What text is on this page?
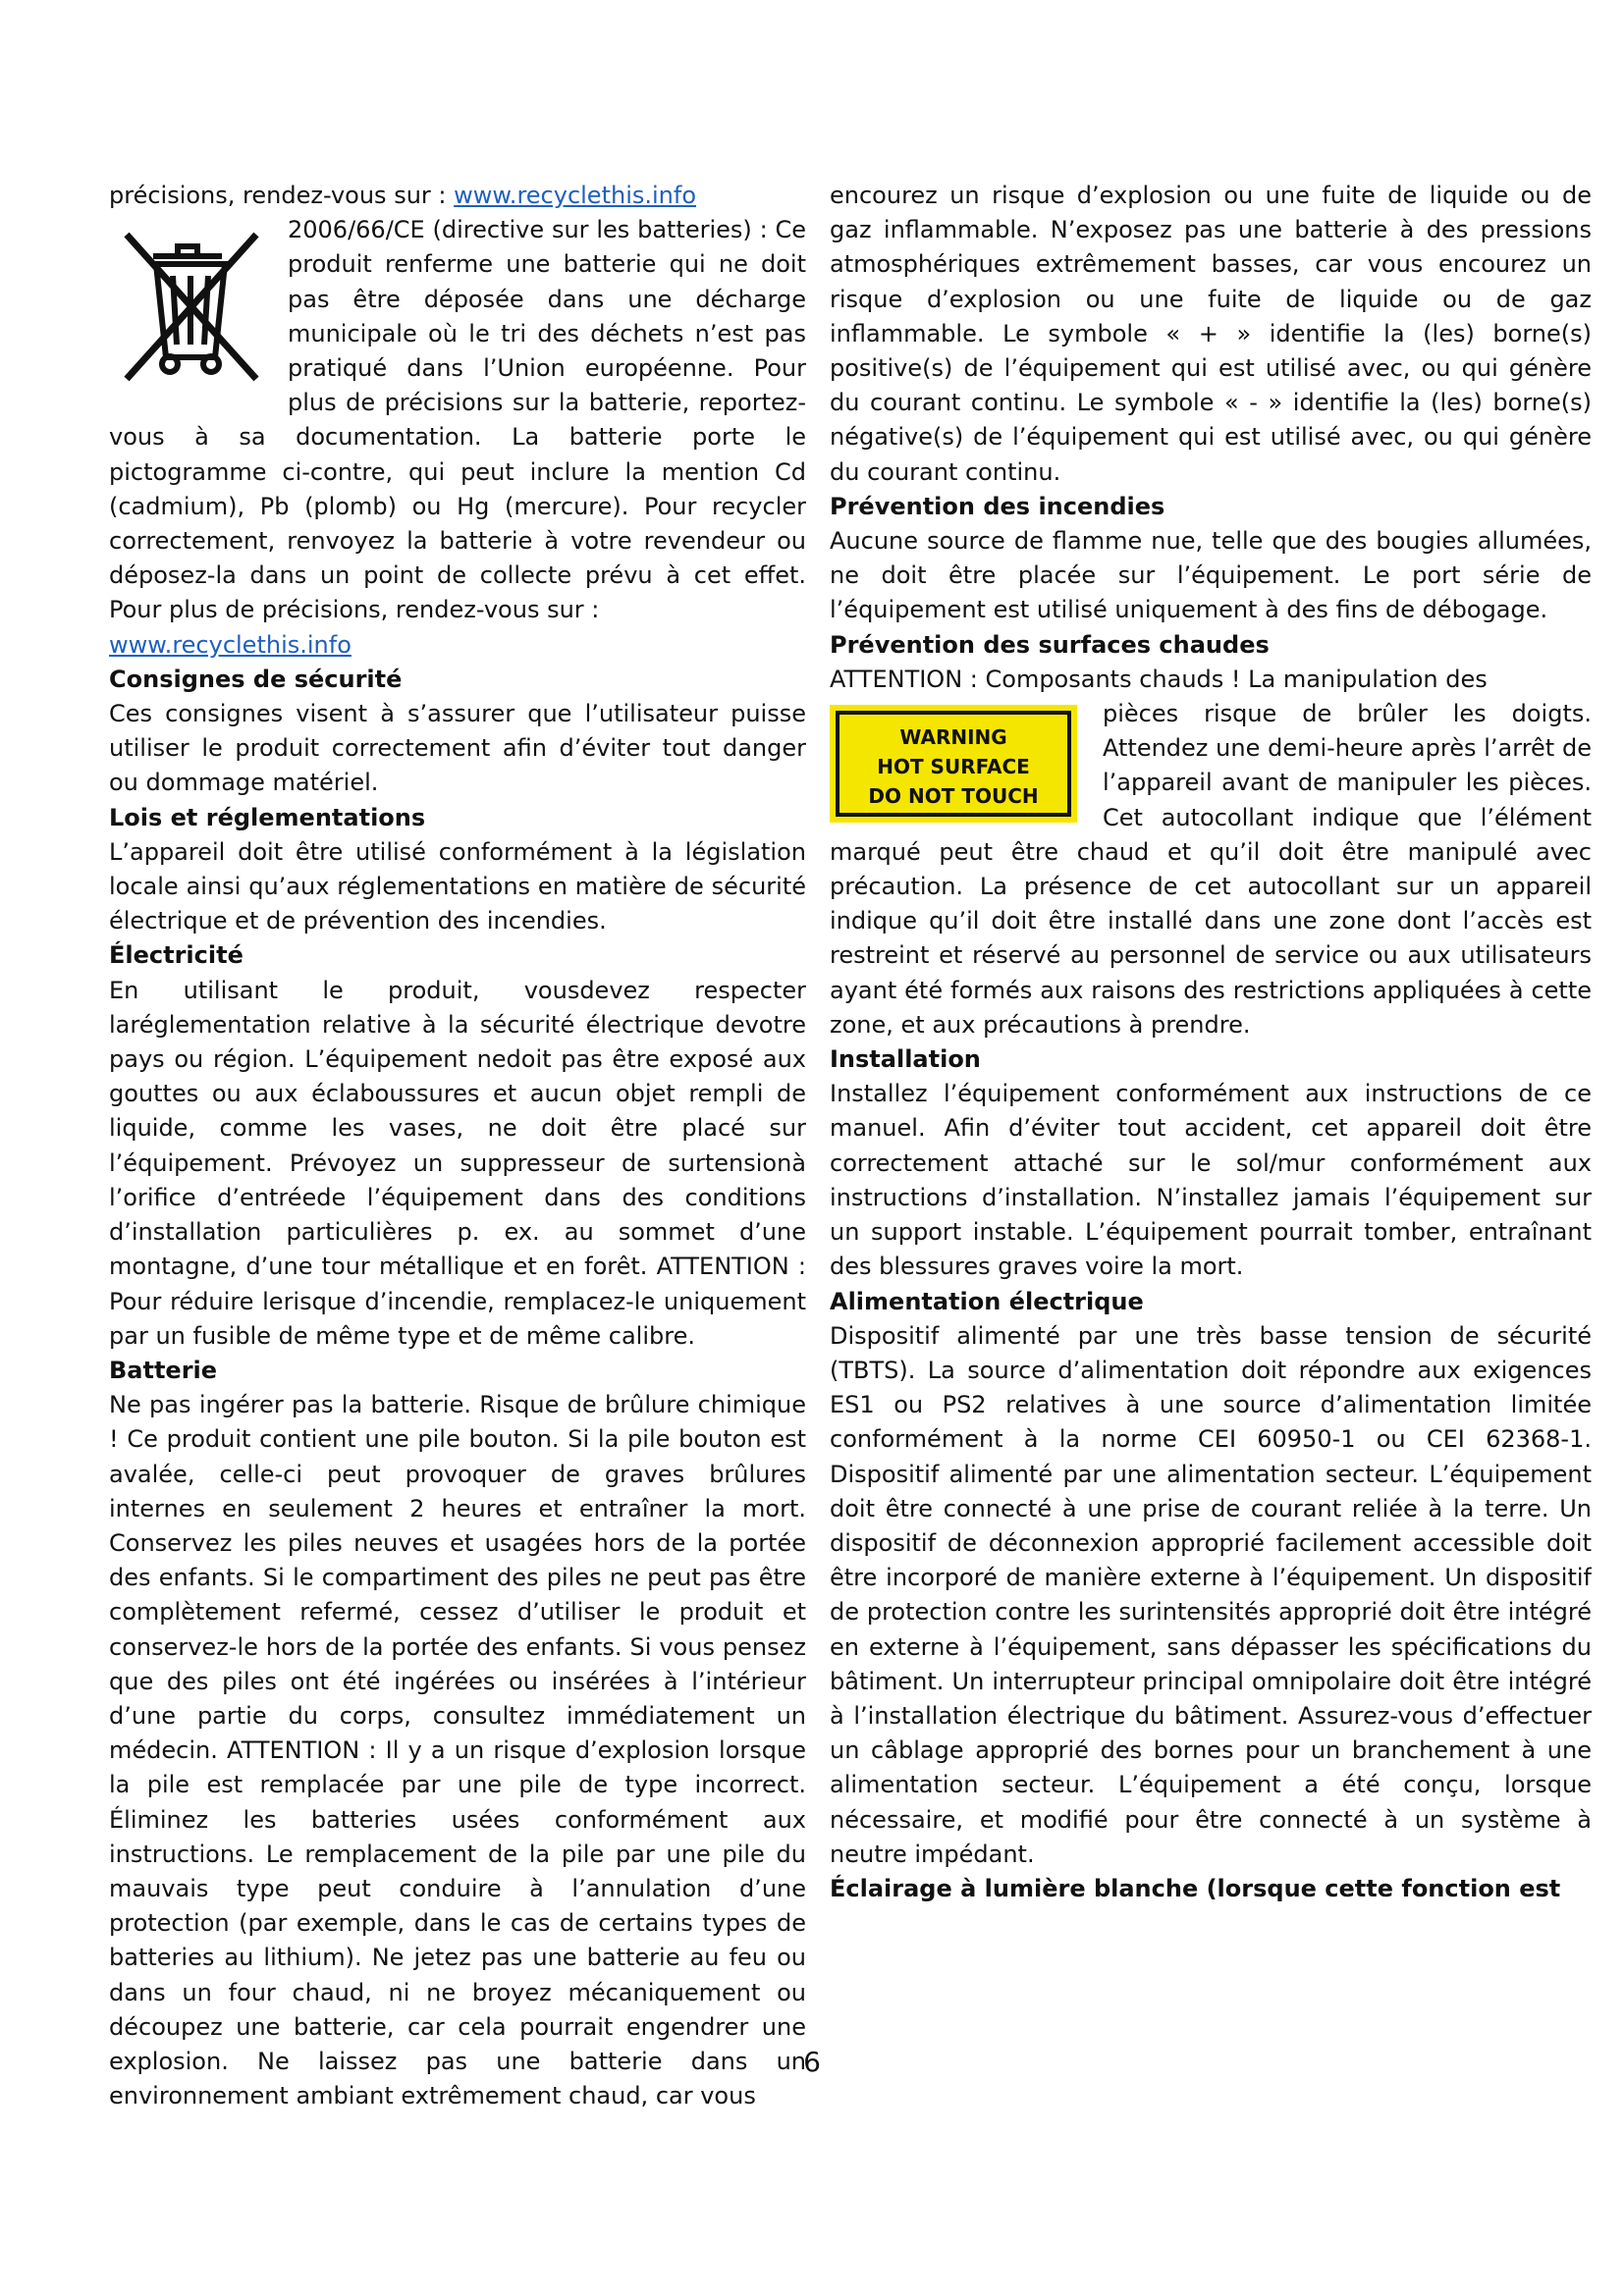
précisions, rendez-vous sur : www.recyclethis.info

2006/66/CE (directive sur les batteries) : Ce produit renferme une batterie qui ne doit pas être déposée dans une décharge municipale où le tri des déchets n’est pas pratiqué dans l’Union européenne. Pour plus de précisions sur la batterie, reportez-vous à sa documentation. La batterie porte le pictogramme ci-contre, qui peut inclure la mention Cd (cadmium), Pb (plomb) ou Hg (mercure). Pour recycler correctement, renvoyez la batterie à votre revendeur ou déposez-la dans un point de collecte prévu à cet effet. Pour plus de précisions, rendez-vous sur :

www.recyclethis.info

Consignes de sécurité

Ces consignes visent à s’assurer que l’utilisateur puisse utiliser le produit correctement afin d’éviter tout danger ou dommage matériel.

Lois et réglementations

L’appareil doit être utilisé conformément à la législation locale ainsi qu’aux réglementations en matière de sécurité électrique et de prévention des incendies.

Électricité

En utilisant le produit, vousdevez respecter laréglementation relative à la sécurité électrique devotre pays ou région. L’équipement nedoit pas être exposé aux gouttes ou aux éclaboussures et aucun objet rempli de liquide, comme les vases, ne doit être placé sur l’équipement. Prévoyez un suppresseur de surtensionà l’orifice d’entréede l’équipement dans des conditions d’installation particulières p. ex. au sommet d’une montagne, d’une tour métallique et en forêt. ATTENTION : Pour réduire lerisque d’incendie, remplacez-le uniquement par un fusible de même type et de même calibre.

Batterie

Ne pas ingérer pas la batterie. Risque de brûlure chimique ! Ce produit contient une pile bouton. Si la pile bouton est avalée, celle-ci peut provoquer de graves brûlures internes en seulement 2 heures et entraîner la mort. Conservez les piles neuves et usagées hors de la portée des enfants. Si le compartiment des piles ne peut pas être complètement refermé, cessez d’utiliser le produit et conservez-le hors de la portée des enfants. Si vous pensez que des piles ont été ingérées ou insérées à l’intérieur d’une partie du corps, consultez immédiatement un médecin. ATTENTION : Il y a un risque d’explosion lorsque la pile est remplacée par une pile de type incorrect. Éliminez les batteries usées conformément aux instructions. Le remplacement de la pile par une pile du mauvais type peut conduire à l’annulation d’une protection (par exemple, dans le cas de certains types de batteries au lithium). Ne jetez pas une batterie au feu ou dans un four chaud, ni ne broyez mécaniquement ou découpez une batterie, car cela pourrait engendrer une explosion. Ne laissez pas une batterie dans un environnement ambiant extrêmement chaud, car vous

encourez un risque d’explosion ou une fuite de liquide ou de gaz inflammable. N’exposez pas une batterie à des pressions atmosphériques extrêmement basses, car vous encourez un risque d’explosion ou une fuite de liquide ou de gaz inflammable. Le symbole « + » identifie la (les) borne(s) positive(s) de l’équipement qui est utilisé avec, ou qui génère du courant continu. Le symbole « - » identifie la (les) borne(s) négative(s) de l’équipement qui est utilisé avec, ou qui génère du courant continu.

Prévention des incendies

Aucune source de flamme nue, telle que des bougies allumées, ne doit être placée sur l’équipement. Le port série de l’équipement est utilisé uniquement à des fins de débogage.

Prévention des surfaces chaudes

ATTENTION : Composants chauds ! La manipulation des

WARNING
HOT SURFACE
DO NOT TOUCH

pièces risque de brûler les doigts. Attendez une demi-heure après l’arrêt de l’appareil avant de manipuler les pièces. Cet autocollant indique que l’élément marqué peut être chaud et qu’il doit être manipulé avec précaution. La présence de cet autocollant sur un appareil indique qu’il doit être installé dans une zone dont l’accès est restreint et réservé au personnel de service ou aux utilisateurs ayant été formés aux raisons des restrictions appliquées à cette zone, et aux précautions à prendre.

Installation

Installez l’équipement conformément aux instructions de ce manuel. Afin d’éviter tout accident, cet appareil doit être correctement attaché sur le sol/mur conformément aux instructions d’installation. N’installez jamais l’équipement sur un support instable. L’équipement pourrait tomber, entraînant des blessures graves voire la mort.

Alimentation électrique

Dispositif alimenté par une très basse tension de sécurité (TBTS). La source d’alimentation doit répondre aux exigences ES1 ou PS2 relatives à une source d’alimentation limitée conformément à la norme CEI 60950-1 ou CEI 62368-1. Dispositif alimenté par une alimentation secteur. L’équipement doit être connecté à une prise de courant reliée à la terre. Un dispositif de déconnexion approprié facilement accessible doit être incorporé de manière externe à l’équipement. Un dispositif de protection contre les surintensités approprié doit être intégré en externe à l’équipement, sans dépasser les spécifications du bâtiment. Un interrupteur principal omnipolaire doit être intégré à l’installation électrique du bâtiment. Assurez-vous d’effectuer un câblage approprié des bornes pour un branchement à une alimentation secteur. L’équipement a été conçu, lorsque nécessaire, et modifié pour être connecté à un système à neutre impédant.

Éclairage à lumière blanche (lorsque cette fonction est

6
